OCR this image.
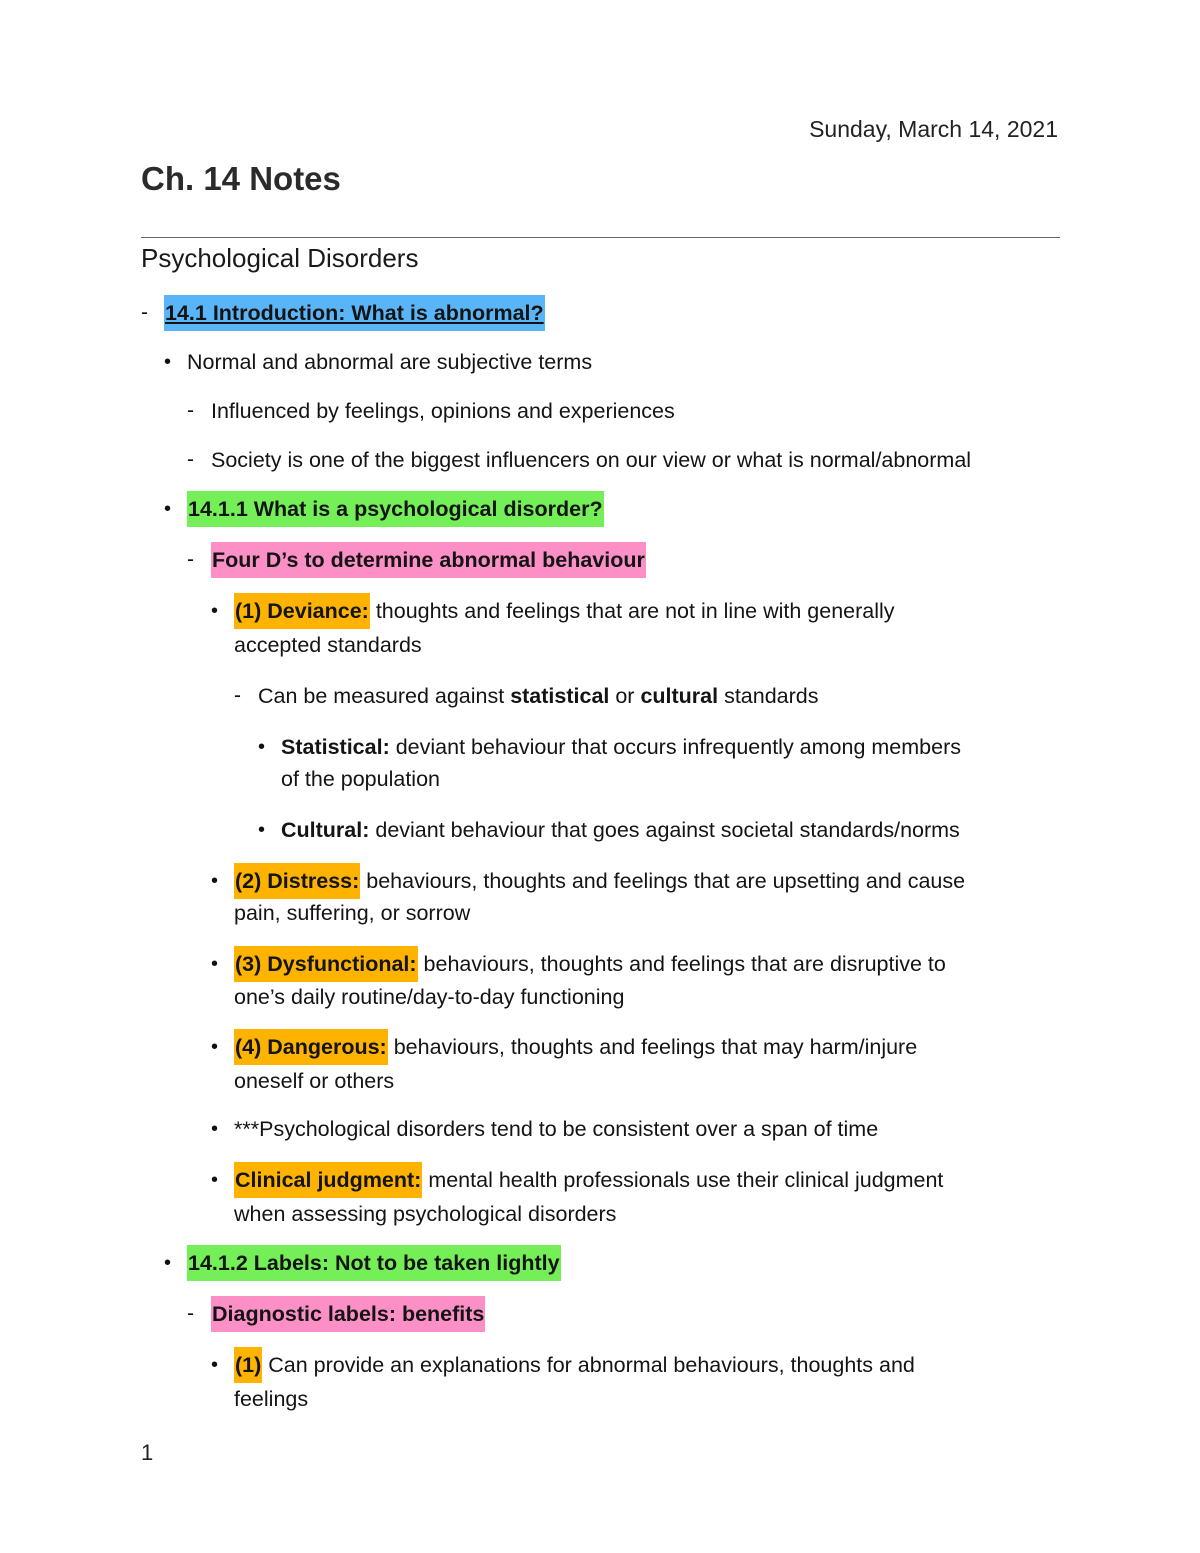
Sunday, March 14, 2021
Ch. 14 Notes
Psychological Disorders
- 14.1 Introduction: What is abnormal?
• Normal and abnormal are subjective terms
- Influenced by feelings, opinions and experiences
- Society is one of the biggest influencers on our view or what is normal/abnormal
• 14.1.1 What is a psychological disorder?
- Four D’s to determine abnormal behaviour
• (1) Deviance: thoughts and feelings that are not in line with generally
accepted standards
- Can be measured against statistical or cultural standards
• Statistical: deviant behaviour that occurs infrequently among members
of the population
• Cultural: deviant behaviour that goes against societal standards/norms
• (2) Distress: behaviours, thoughts and feelings that are upsetting and cause
pain, suffering, or sorrow
• (3) Dysfunctional: behaviours, thoughts and feelings that are disruptive to
one’s daily routine/day-to-day functioning
• (4) Dangerous: behaviours, thoughts and feelings that may harm/injure
oneself or others
• ***Psychological disorders tend to be consistent over a span of time
• Clinical judgment: mental health professionals use their clinical judgment
when assessing psychological disorders
• 14.1.2 Labels: Not to be taken lightly
- Diagnostic labels: benefits
• (1) Can provide an explanations for abnormal behaviours, thoughts and
feelings
1
